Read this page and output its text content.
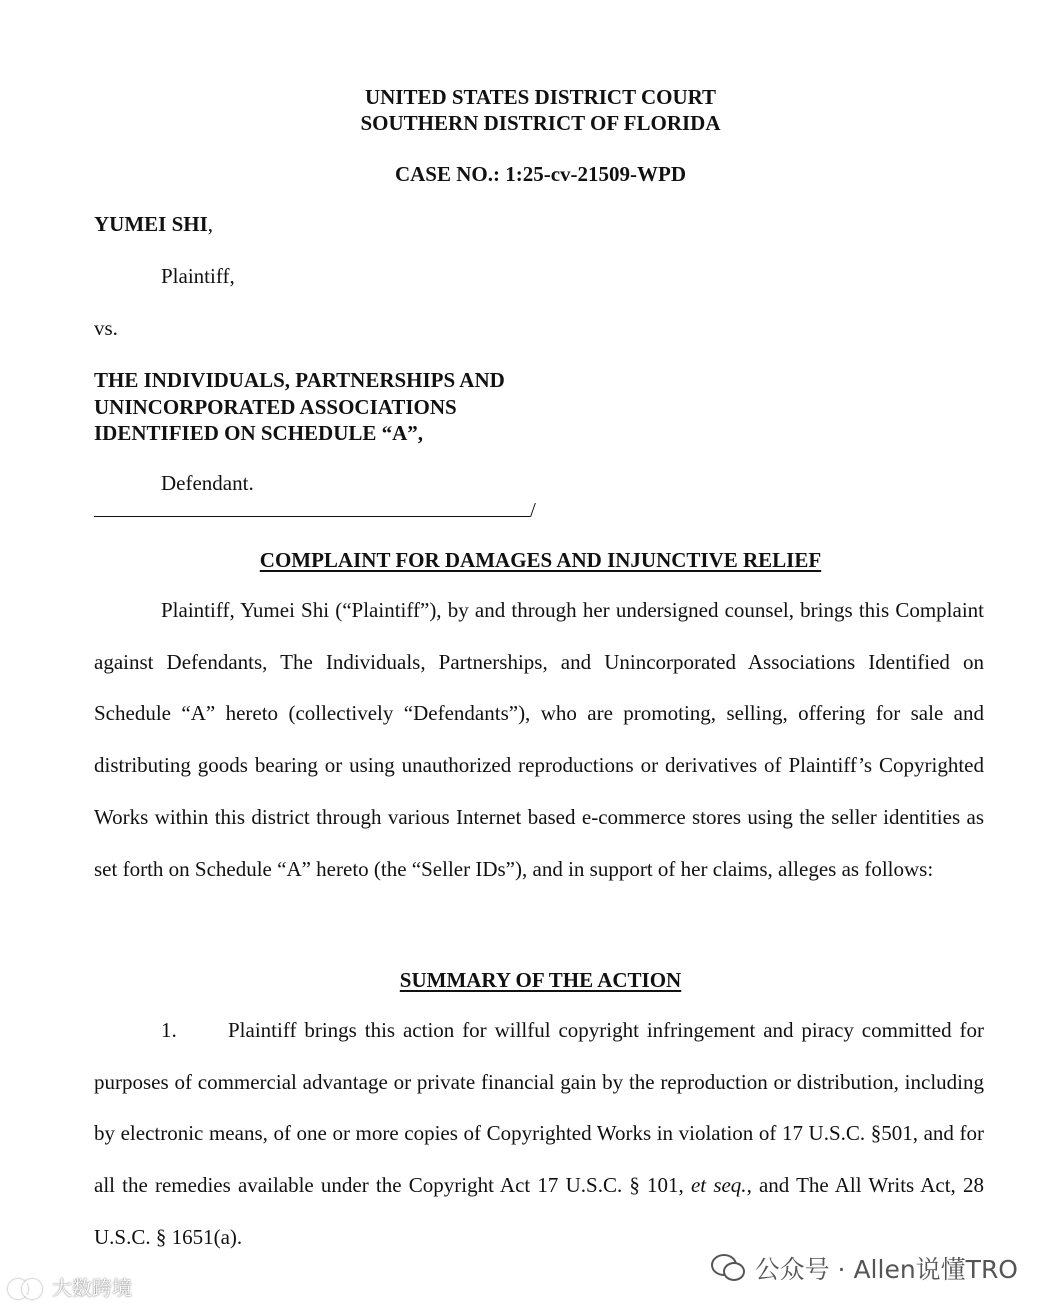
UNITED STATES DISTRICT COURT
SOUTHERN DISTRICT OF FLORIDA
CASE NO.: 1:25-cv-21509-WPD
YUMEI SHI,
Plaintiff,
vs.
THE INDIVIDUALS, PARTNERSHIPS AND
UNINCORPORATED ASSOCIATIONS
IDENTIFIED ON SCHEDULE “A”,
Defendant.
/
COMPLAINT FOR DAMAGES AND INJUNCTIVE RELIEF
Plaintiff, Yumei Shi (“Plaintiff”), by and through her undersigned counsel, brings this Complaint against Defendants, The Individuals, Partnerships, and Unincorporated Associations Identified on Schedule “A” hereto (collectively “Defendants”), who are promoting, selling, offering for sale and distributing goods bearing or using unauthorized reproductions or derivatives of Plaintiff’s Copyrighted Works within this district through various Internet based e-commerce stores using the seller identities as set forth on Schedule “A” hereto (the “Seller IDs”), and in support of her claims, alleges as follows:
SUMMARY OF THE ACTION
1. Plaintiff brings this action for willful copyright infringement and piracy committed for purposes of commercial advantage or private financial gain by the reproduction or distribution, including by electronic means, of one or more copies of Copyrighted Works in violation of 17 U.S.C. §501, and for all the remedies available under the Copyright Act 17 U.S.C. § 101, et seq., and The All Writs Act, 28 U.S.C. § 1651(a).
大数跨境
公众号 · Allen说懂TRO
